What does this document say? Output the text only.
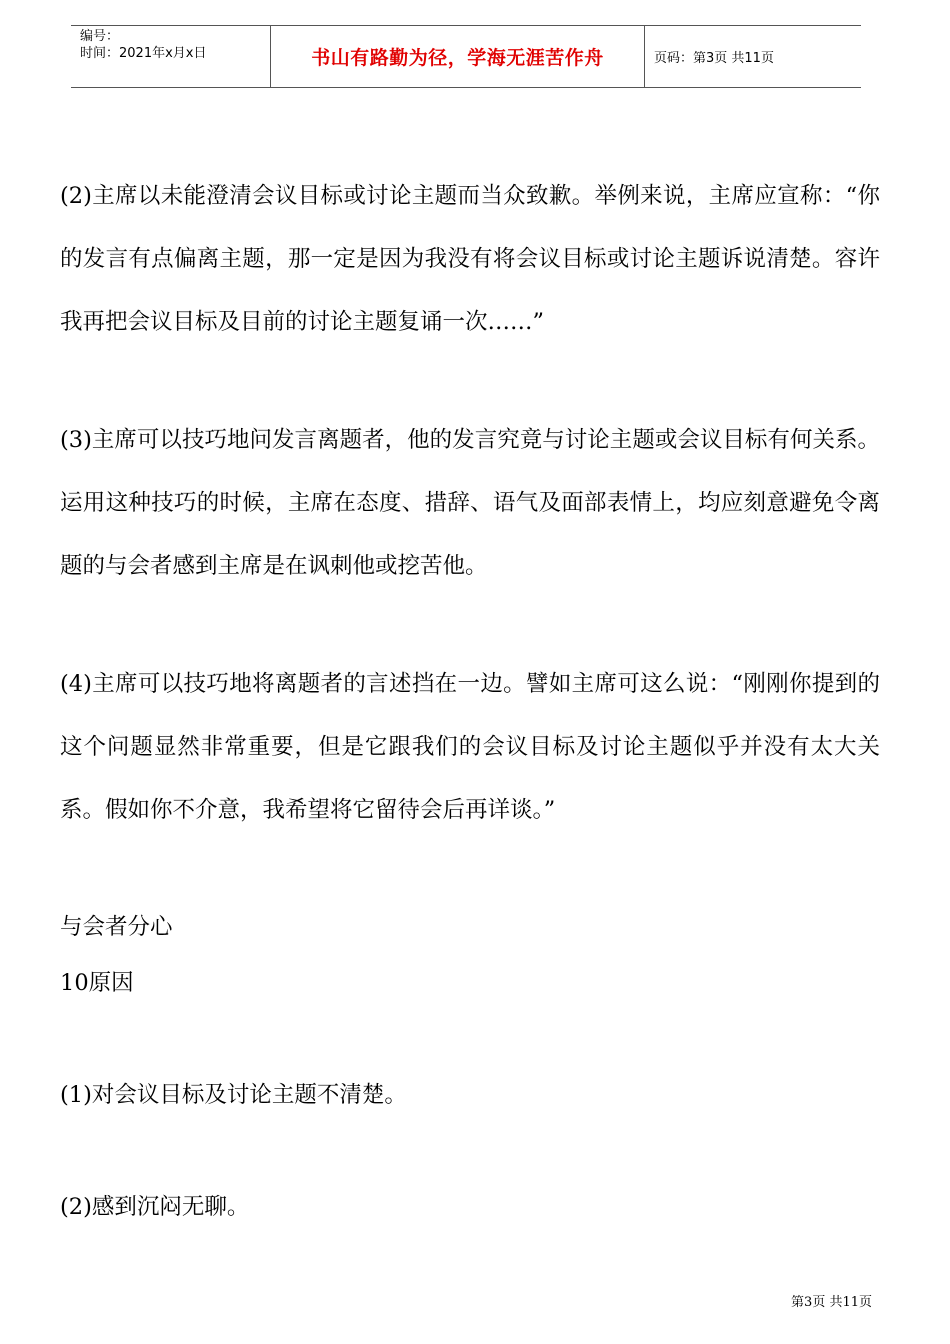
编号：
时间：2021年x月x日	书山有路勤为径，学海无涯苦作舟	页码：第3页 共11页

(2)主席以未能澄清会议目标或讨论主题而当众致歉。举例来说，主席应宣称：“你的发言有点偏离主题，那一定是因为我没有将会议目标或讨论主题诉说清楚。容许我再把会议目标及目前的讨论主题复诵一次……”

(3)主席可以技巧地问发言离题者，他的发言究竟与讨论主题或会议目标有何关系。运用这种技巧的时候，主席在态度、措辞、语气及面部表情上，均应刻意避免令离题的与会者感到主席是在讽刺他或挖苦他。

(4)主席可以技巧地将离题者的言述挡在一边。譬如主席可这么说：“刚刚你提到的这个问题显然非常重要，但是它跟我们的会议目标及讨论主题似乎并没有太大关系。假如你不介意，我希望将它留待会后再详谈。”

与会者分心

10原因

(1)对会议目标及讨论主题不清楚。

(2)感到沉闷无聊。

第3页 共11页
